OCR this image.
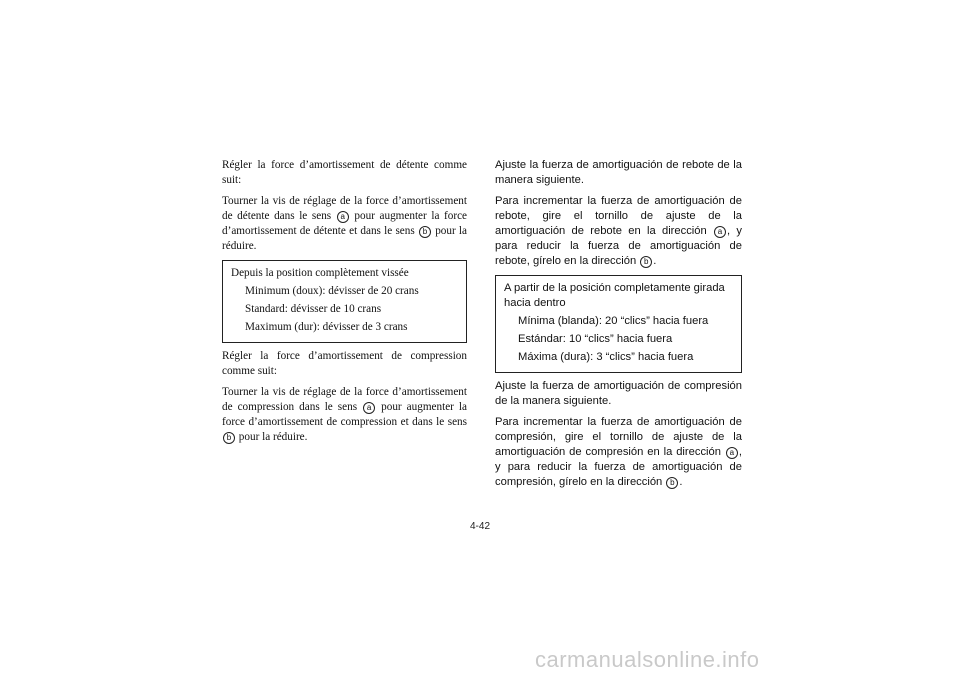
Régler la force d’amortissement de détente comme suit:

Tourner la vis de réglage de la force d’amortissement de détente dans le sens a pour augmenter la force d’amortissement de détente et dans le sens b pour la réduire.

Depuis la position complètement vissée
Minimum (doux): dévisser de 20 crans
Standard: dévisser de 10 crans
Maximum (dur): dévisser de 3 crans

Régler la force d’amortissement de compression comme suit:

Tourner la vis de réglage de la force d’amortissement de compression dans le sens a pour augmenter la force d’amortissement de compression et dans le sens b pour la réduire.

Ajuste la fuerza de amortiguación de rebote de la manera siguiente.

Para incrementar la fuerza de amortiguación de rebote, gire el tornillo de ajuste de la amortiguación de rebote en la dirección a , y para reducir la fuerza de amortiguación de rebote, gírelo en la dirección b .

A partir de la posición completamente girada hacia dentro
Mínima (blanda): 20 “clics” hacia fuera
Estándar: 10 “clics” hacia fuera
Máxima (dura): 3 “clics” hacia fuera

Ajuste la fuerza de amortiguación de compresión de la manera siguiente.

Para incrementar la fuerza de amortiguación de compresión, gire el tornillo de ajuste de la amortiguación de compresión en la dirección a , y para reducir la fuerza de amortiguación de compresión, gírelo en la dirección b .

4-42
carmanualsonline.info
